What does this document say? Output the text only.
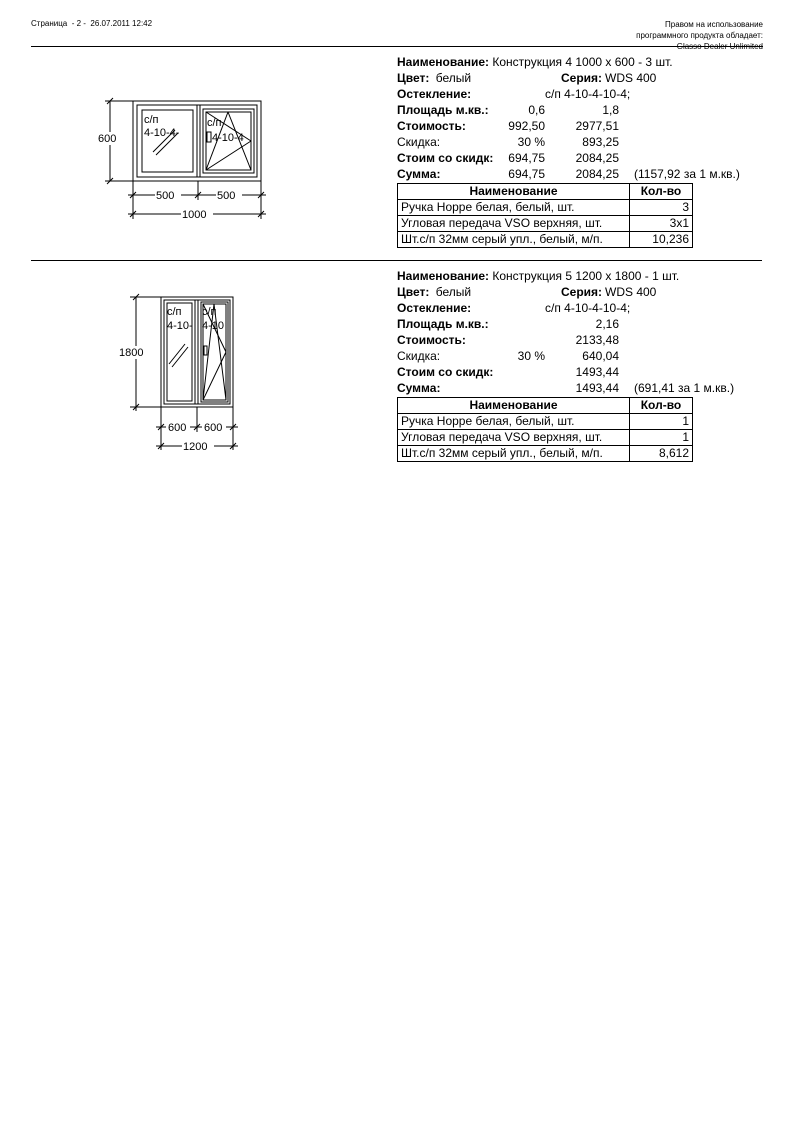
Страница  - 2 -  26.07.2011 12:42	Правом на использование
программного продукта обладает:
Glasso Dealer Unlimited
600
500	500
1000
с/п
4-10-4-
с/п
4-10-4
Наименование: Конструкция 4 1000 x 600 - 3 шт.
Цвет: белый	Серия: WDS 400
Остекление:	с/п 4-10-4-10-4;
Площадь м.кв.:	0,6	1,8
Стоимость:	992,50	2977,51
Скидка:	30 %	893,25
Стоим со скидк: 694,75	2084,25
Сумма:	694,75	2084,25 (1157,92 за 1 м.кв.)
Наименование	Кол-во
Ручка Hoppe белая, белый, шт.	3
Угловая передача VSO верхняя, шт.	3x1
Шт.с/п 32мм серый упл., белый, м/п.	10,236
1800
600 600
1200
с/п
4-10-
с/п
4-10
Наименование: Конструкция 5 1200 x 1800 - 1 шт.
Цвет: белый	Серия: WDS 400
Остекление:	с/п 4-10-4-10-4;
Площадь м.кв.:	2,16
Стоимость:	2133,48
Скидка:	30 %	640,04
Стоим со скидк:	1493,44
Сумма:	1493,44 (691,41 за 1 м.кв.)
Наименование	Кол-во
Ручка Hoppe белая, белый, шт.	1
Угловая передача VSO верхняя, шт.	1
Шт.с/п 32мм серый упл., белый, м/п.	8,612
